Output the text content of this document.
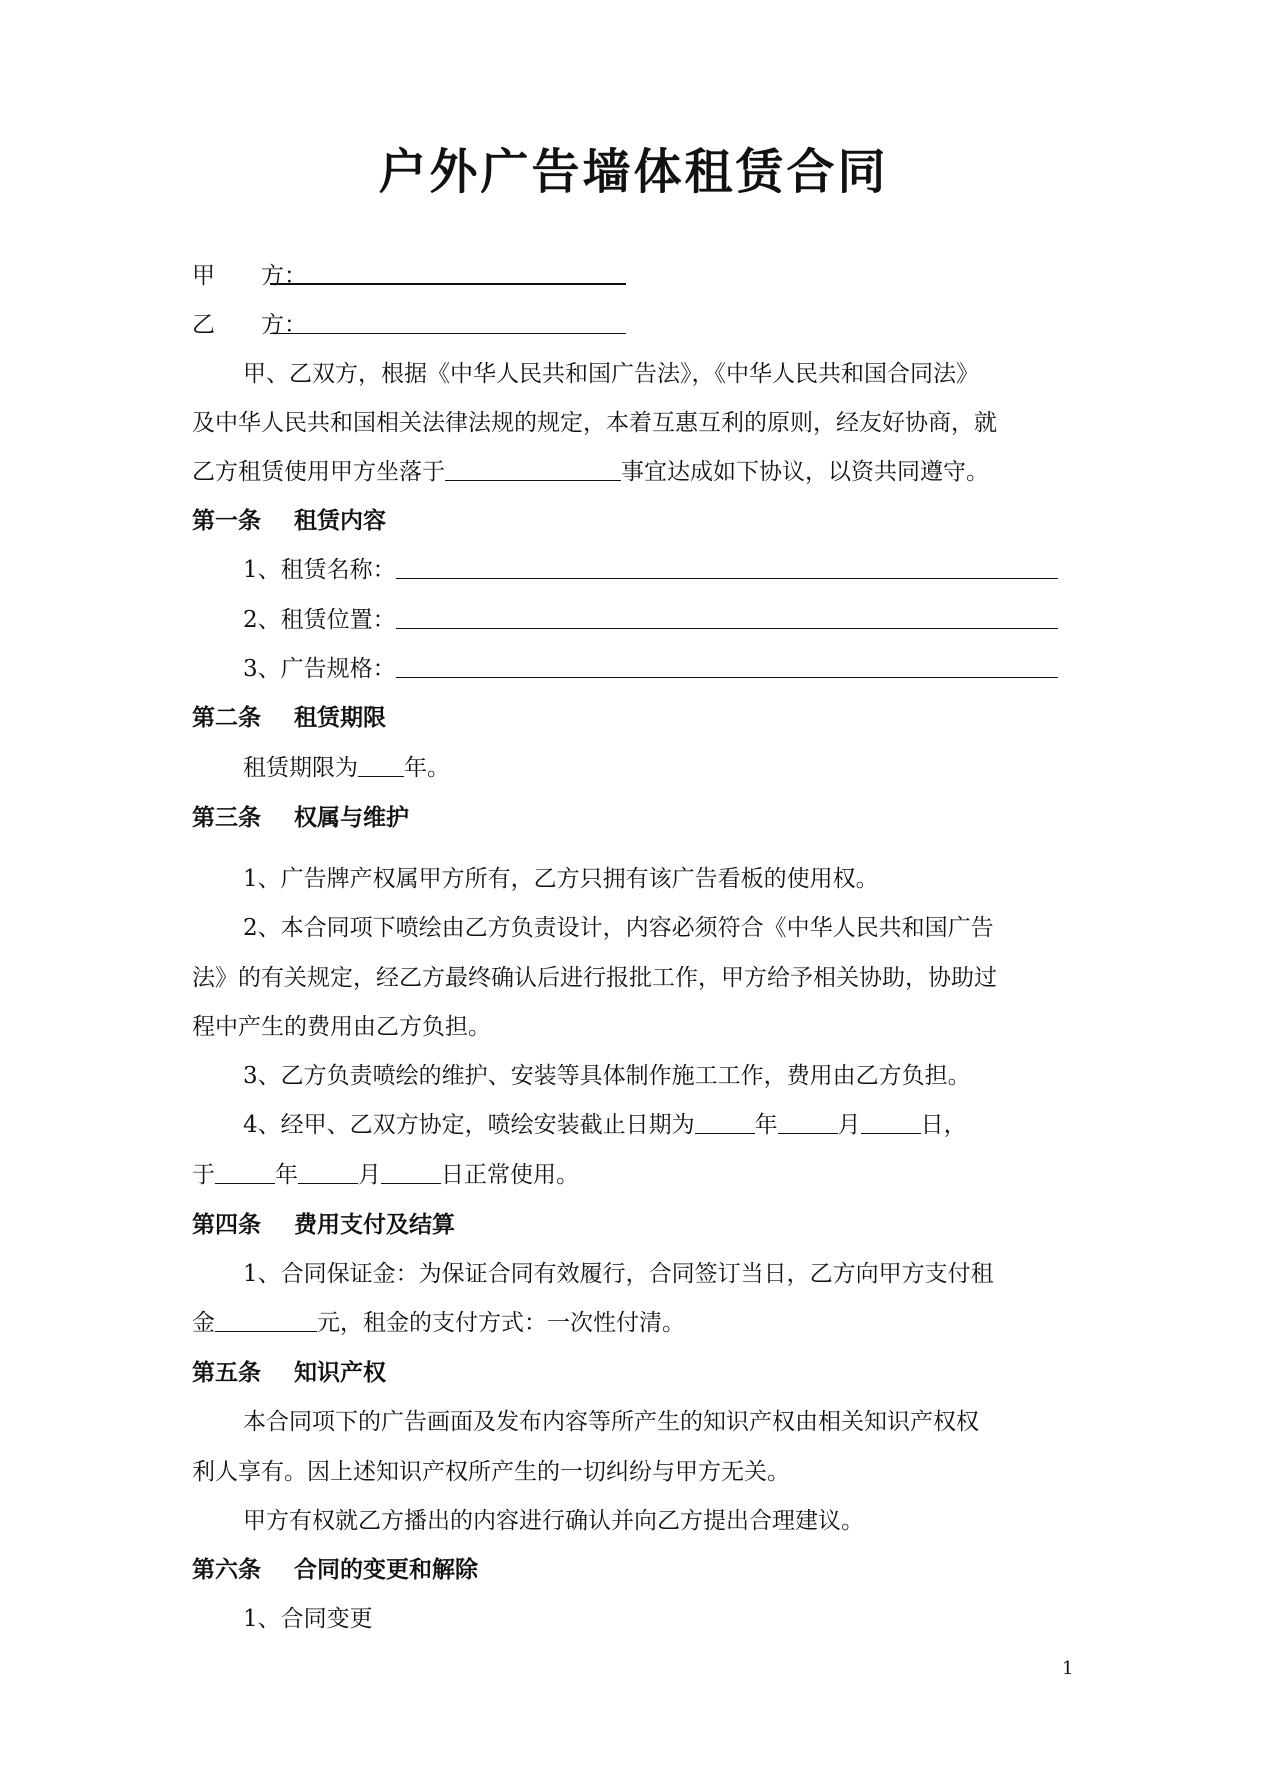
户外广告墙体租赁合同
甲　　方：
乙　　方：
甲、乙双方，根据《中华人民共和国广告法》，《中华人民共和国合同法》
及中华人民共和国相关法律法规的规定，本着互惠互利的原则，经友好协商，就
乙方租赁使用甲方坐落于	事宜达成如下协议，以资共同遵守。
第一条 租赁内容
1、租赁名称：
2、租赁位置：
3、广告规格：
第二条 租赁期限
租赁期限为 年。
第三条 权属与维护
1、广告牌产权属甲方所有，乙方只拥有该广告看板的使用权。
2、本合同项下喷绘由乙方负责设计，内容必须符合《中华人民共和国广告
法》的有关规定，经乙方最终确认后进行报批工作，甲方给予相关协助，协助过
程中产生的费用由乙方负担。
3、乙方负责喷绘的维护、安装等具体制作施工工作，费用由乙方负担。
4、经甲、乙双方协定，喷绘安装截止日期为	年	月	日，
于	年	月	日正常使用。
第四条 费用支付及结算
1、合同保证金：为保证合同有效履行，合同签订当日，乙方向甲方支付租
金	元，租金的支付方式：一次性付清。
第五条 知识产权
本合同项下的广告画面及发布内容等所产生的知识产权由相关知识产权权
利人享有。因上述知识产权所产生的一切纠纷与甲方无关。
甲方有权就乙方播出的内容进行确认并向乙方提出合理建议。
第六条 合同的变更和解除
1、合同变更
1
